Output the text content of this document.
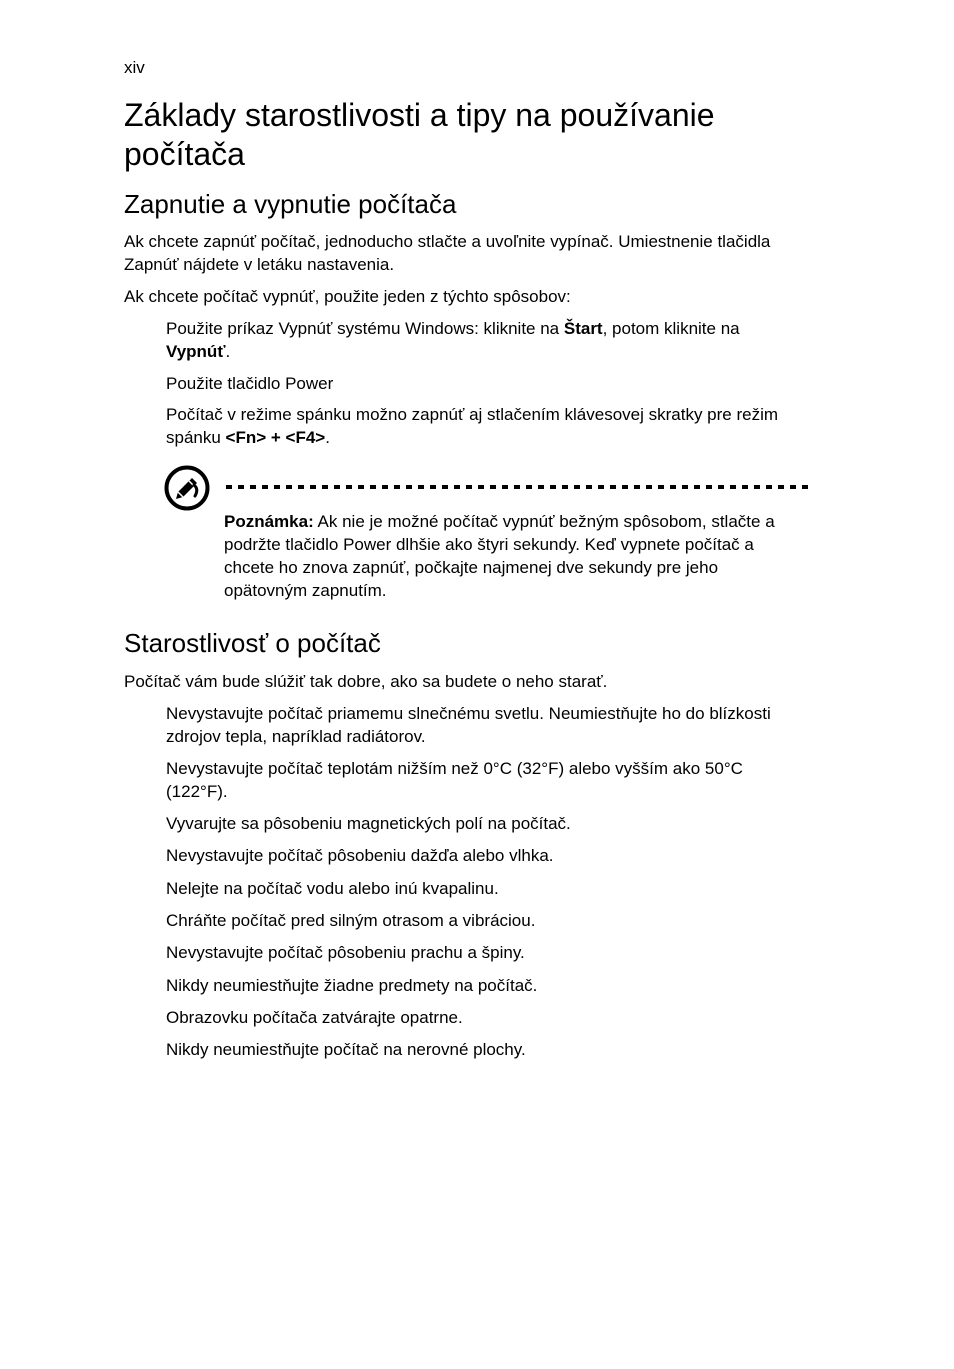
xiv
Základy starostlivosti a tipy na používanie počítača
Zapnutie a vypnutie počítača

Ak chcete zapnúť počítač, jednoducho stlačte a uvoľnite vypínač. Umiestnenie tlačidla Zapnúť nájdete v letáku nastavenia.

Ak chcete počítač vypnúť, použite jeden z týchto spôsobov:

Použite príkaz Vypnúť systému Windows: kliknite na Štart, potom kliknite na Vypnúť.

Použite tlačidlo Power

Počítač v režime spánku možno zapnúť aj stlačením klávesovej skratky pre režim spánku <Fn> + <F4>.

Poznámka: Ak nie je možné počítač vypnúť bežným spôsobom, stlačte a podržte tlačidlo Power dlhšie ako štyri sekundy. Keď vypnete počítač a chcete ho znova zapnúť, počkajte najmenej dve sekundy pre jeho opätovným zapnutím.

Starostlivosť o počítač

Počítač vám bude slúžiť tak dobre, ako sa budete o neho starať.

Nevystavujte počítač priamemu slnečnému svetlu. Neumiestňujte ho do blízkosti zdrojov tepla, napríklad radiátorov.

Nevystavujte počítač teplotám nižším než 0°C (32°F) alebo vyšším ako 50°C (122°F).

Vyvarujte sa pôsobeniu magnetických polí na počítač.

Nevystavujte počítač pôsobeniu dažďa alebo vlhka.

Nelejte na počítač vodu alebo inú kvapalinu.

Chráňte počítač pred silným otrasom a vibráciou.

Nevystavujte počítač pôsobeniu prachu a špiny.

Nikdy neumiestňujte žiadne predmety na počítač.

Obrazovku počítača zatvárajte opatrne.

Nikdy neumiestňujte počítač na nerovné plochy.
